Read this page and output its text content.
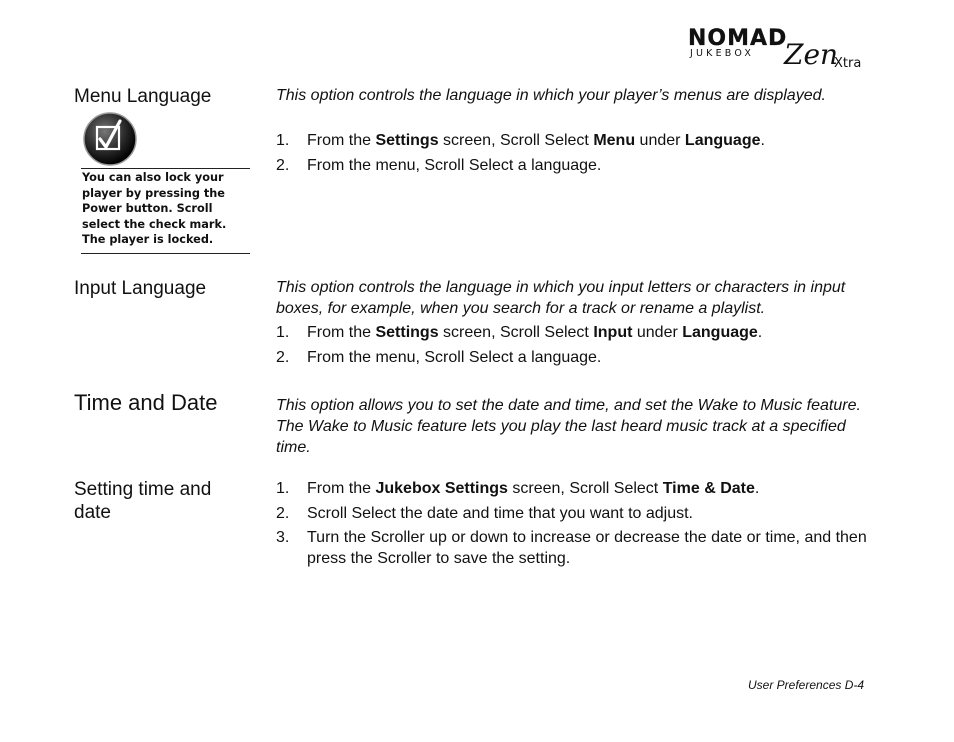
NOMAD
JUKEBOX Zen
Xtra
Menu Language
You can also lock your player by pressing the Power button. Scroll select the check mark. The player is locked.
This option controls the language in which your player’s menus are displayed.
1.	From the Settings screen, Scroll Select Menu under Language.
2.	From the menu, Scroll Select a language.
Input Language	This option controls the language in which you input letters or characters in input boxes, for example, when you search for a track or rename a playlist.
1.	From the Settings screen, Scroll Select Input under Language.
2.	From the menu, Scroll Select a language.
Time and Date	This option allows you to set the date and time, and set the Wake to Music feature. The Wake to Music feature lets you play the last heard music track at a specified time.
Setting time and date
1.	From the Jukebox Settings screen, Scroll Select Time & Date.
2.	Scroll Select the date and time that you want to adjust.
3.	Turn the Scroller up or down to increase or decrease the date or time, and then press the Scroller to save the setting.
User Preferences D-4
